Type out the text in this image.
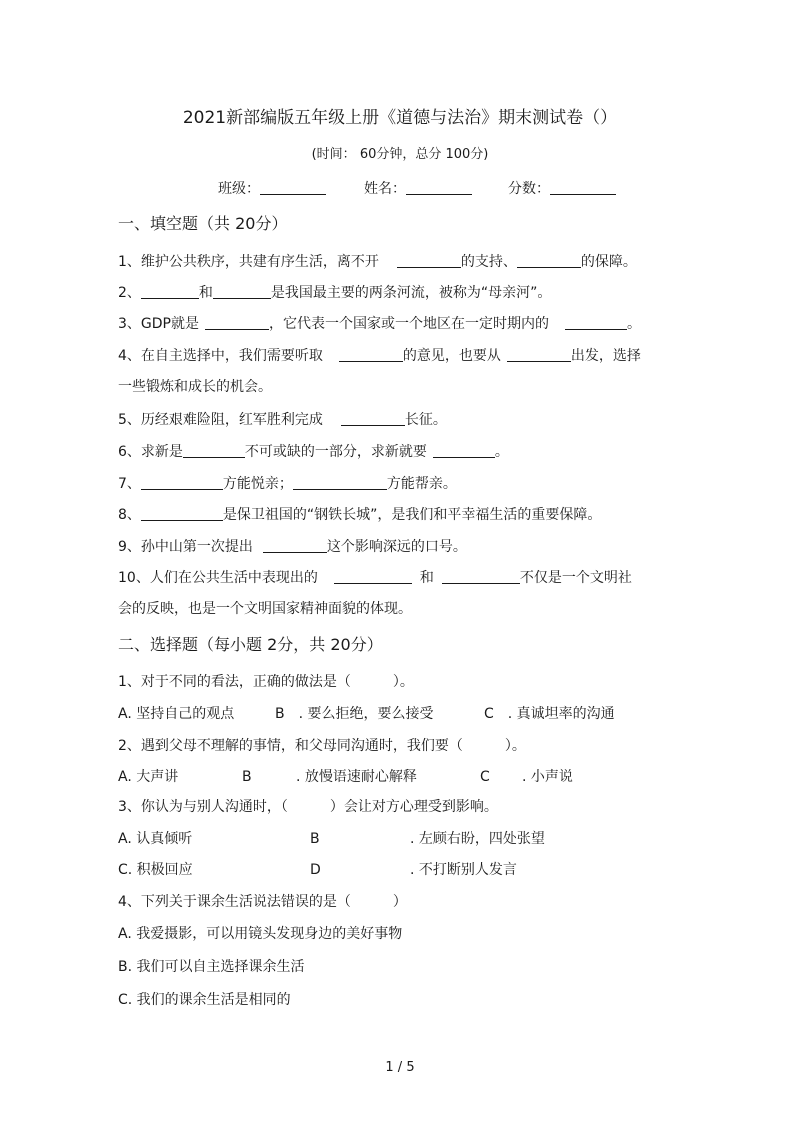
2021新部编版五年级上册《道德与法治》期末测试卷（）
(时间： 60分钟，总分 100分)
班级：	姓名：	分数：
一、填空题（共 20分）
1、维护公共秩序，共建有序生活，离不开	的支持、	的保障。
2、	和	是我国最主要的两条河流，被称为“母亲河”。
3、GDP就是	，它代表一个国家或一个地区在一定时期内的	。
4、在自主选择中，我们需要听取	的意见，也要从	出发，选择
一些锻炼和成长的机会。
5、历经艰难险阻，红军胜利完成	长征。
6、求新是	不可或缺的一部分，求新就要	。
7、	方能悦亲；	方能帮亲。
8、	是保卫祖国的“钢铁长城”，是我们和平幸福生活的重要保障。
9、孙中山第一次提出	这个影响深远的口号。
10、人们在公共生活中表现出的	和	不仅是一个文明社
会的反映，也是一个文明国家精神面貌的体现。
二、选择题（每小题 2分，共 20分）
1、对于不同的看法，正确的做法是（　　　）。
A. 坚持自己的观点	B　. 要么拒绝，要么接受	C　. 真诚坦率的沟通
2、遇到父母不理解的事情，和父母同沟通时，我们要（　　　）。
A. 大声讲	B	. 放慢语速耐心解释	C . 小声说
3、你认为与别人沟通时，（　　　）会让对方心理受到影响。
A. 认真倾听	B	. 左顾右盼，四处张望
C. 积极回应	D	. 不打断别人发言
4、下列关于课余生活说法错误的是（　　　）
A. 我爱摄影，可以用镜头发现身边的美好事物
B. 我们可以自主选择课余生活
C. 我们的课余生活是相同的
1 / 5
